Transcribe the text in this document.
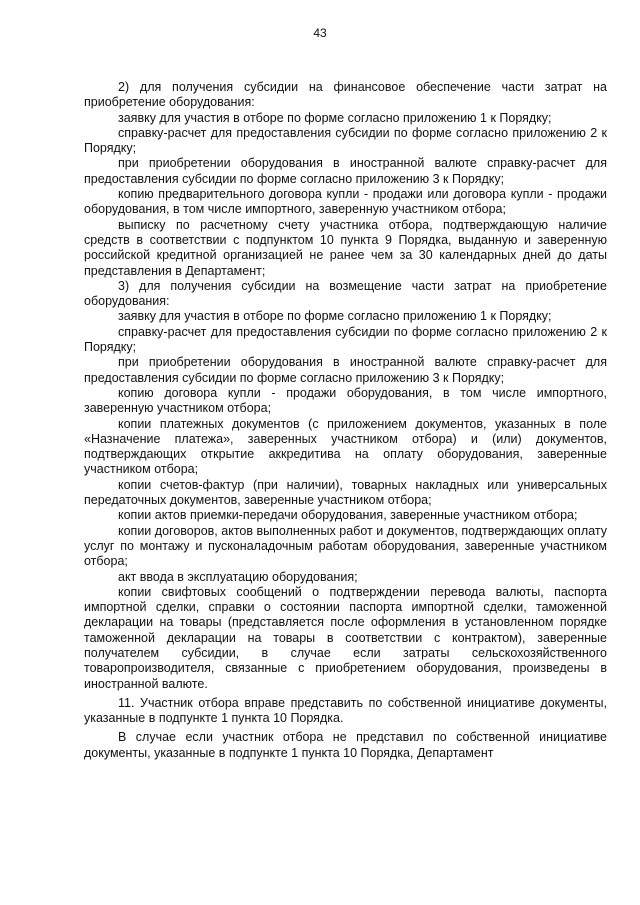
43

2) для получения субсидии на финансовое обеспечение части затрат на приобретение оборудования:

заявку для участия в отборе по форме согласно приложению 1 к Порядку;

справку-расчет для предоставления субсидии по форме согласно приложению 2 к Порядку;

при приобретении оборудования в иностранной валюте справку-расчет для предоставления субсидии по форме согласно приложению 3 к Порядку;

копию предварительного договора купли - продажи или договора купли - продажи оборудования, в том числе импортного, заверенную участником отбора;

выписку по расчетному счету участника отбора, подтверждающую наличие средств в соответствии с подпунктом 10 пункта 9 Порядка, выданную и заверенную российской кредитной организацией не ранее чем за 30 календарных дней до даты представления в Департамент;

3) для получения субсидии на возмещение части затрат на приобретение оборудования:

заявку для участия в отборе по форме согласно приложению 1 к Порядку;

справку-расчет для предоставления субсидии по форме согласно приложению 2 к Порядку;

при приобретении оборудования в иностранной валюте справку-расчет для предоставления субсидии по форме согласно приложению 3 к Порядку;

копию договора купли - продажи оборудования, в том числе импортного, заверенную участником отбора;

копии платежных документов (с приложением документов, указанных в поле «Назначение платежа», заверенных участником отбора) и (или) документов, подтверждающих открытие аккредитива на оплату оборудования, заверенные участником отбора;

копии счетов-фактур (при наличии), товарных накладных или универсальных передаточных документов, заверенные участником отбора;

копии актов приемки-передачи оборудования, заверенные участником отбора;

копии договоров, актов выполненных работ и документов, подтверждающих оплату услуг по монтажу и пусконаладочным работам оборудования, заверенные участником отбора;

акт ввода в эксплуатацию оборудования;

копии свифтовых сообщений о подтверждении перевода валюты, паспорта импортной сделки, справки о состоянии паспорта импортной сделки, таможенной декларации на товары (представляется после оформления в установленном порядке таможенной декларации на товары в соответствии с контрактом), заверенные получателем субсидии, в случае если затраты сельскохозяйственного товаропроизводителя, связанные с приобретением оборудования, произведены в иностранной валюте.

11. Участник отбора вправе представить по собственной инициативе документы, указанные в подпункте 1 пункта 10 Порядка.

В случае если участник отбора не представил по собственной инициативе документы, указанные в подпункте 1 пункта 10 Порядка, Департамент
